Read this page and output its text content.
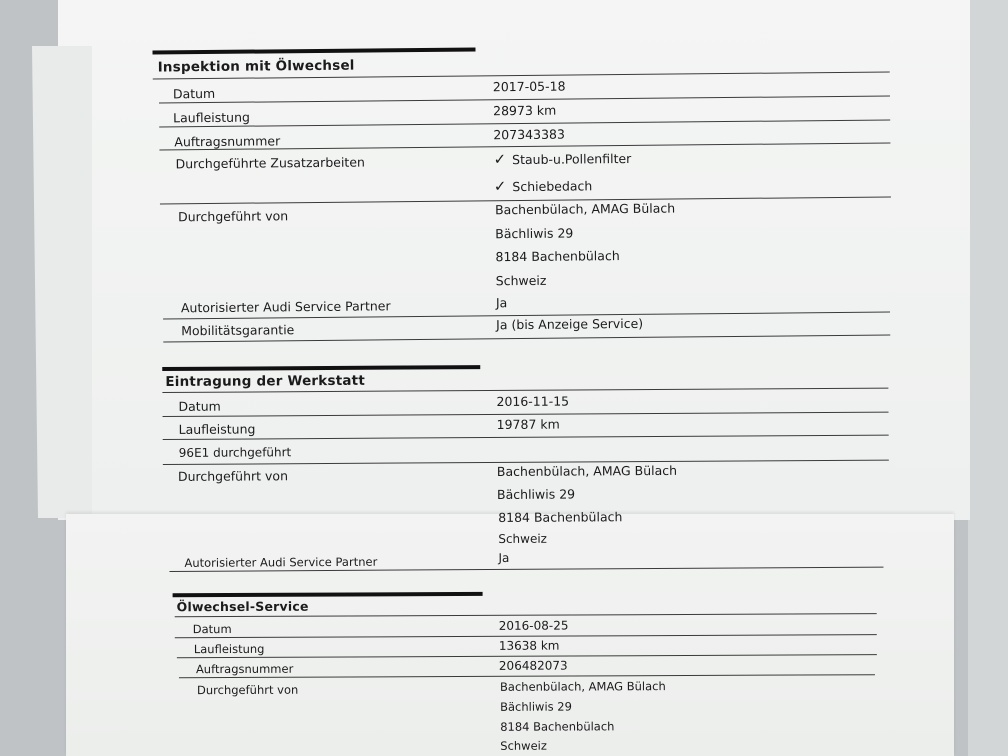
Inspektion mit Ölwechsel
Datum	2017-05-18
Laufleistung	28973 km
Auftragsnummer	207343383
Durchgeführte Zusatzarbeiten	✓ Staub-u.Pollenfilter
✓ Schiebedach
Durchgeführt von	Bachenbülach, AMAG Bülach
Bächliwis 29
8184 Bachenbülach
Schweiz
Autorisierter Audi Service Partner	Ja
Mobilitätsgarantie	Ja (bis Anzeige Service)
Eintragung der Werkstatt
Datum	2016-11-15
Laufleistung	19787 km
96E1 durchgeführt
Durchgeführt von	Bachenbülach, AMAG Bülach
Bächliwis 29
8184 Bachenbülach
Schweiz
Autorisierter Audi Service Partner	Ja
Ölwechsel-Service
Datum	2016-08-25
Laufleistung	13638 km
Auftragsnummer	206482073
Durchgeführt von	Bachenbülach, AMAG Bülach
Bächliwis 29
8184 Bachenbülach
Schweiz
